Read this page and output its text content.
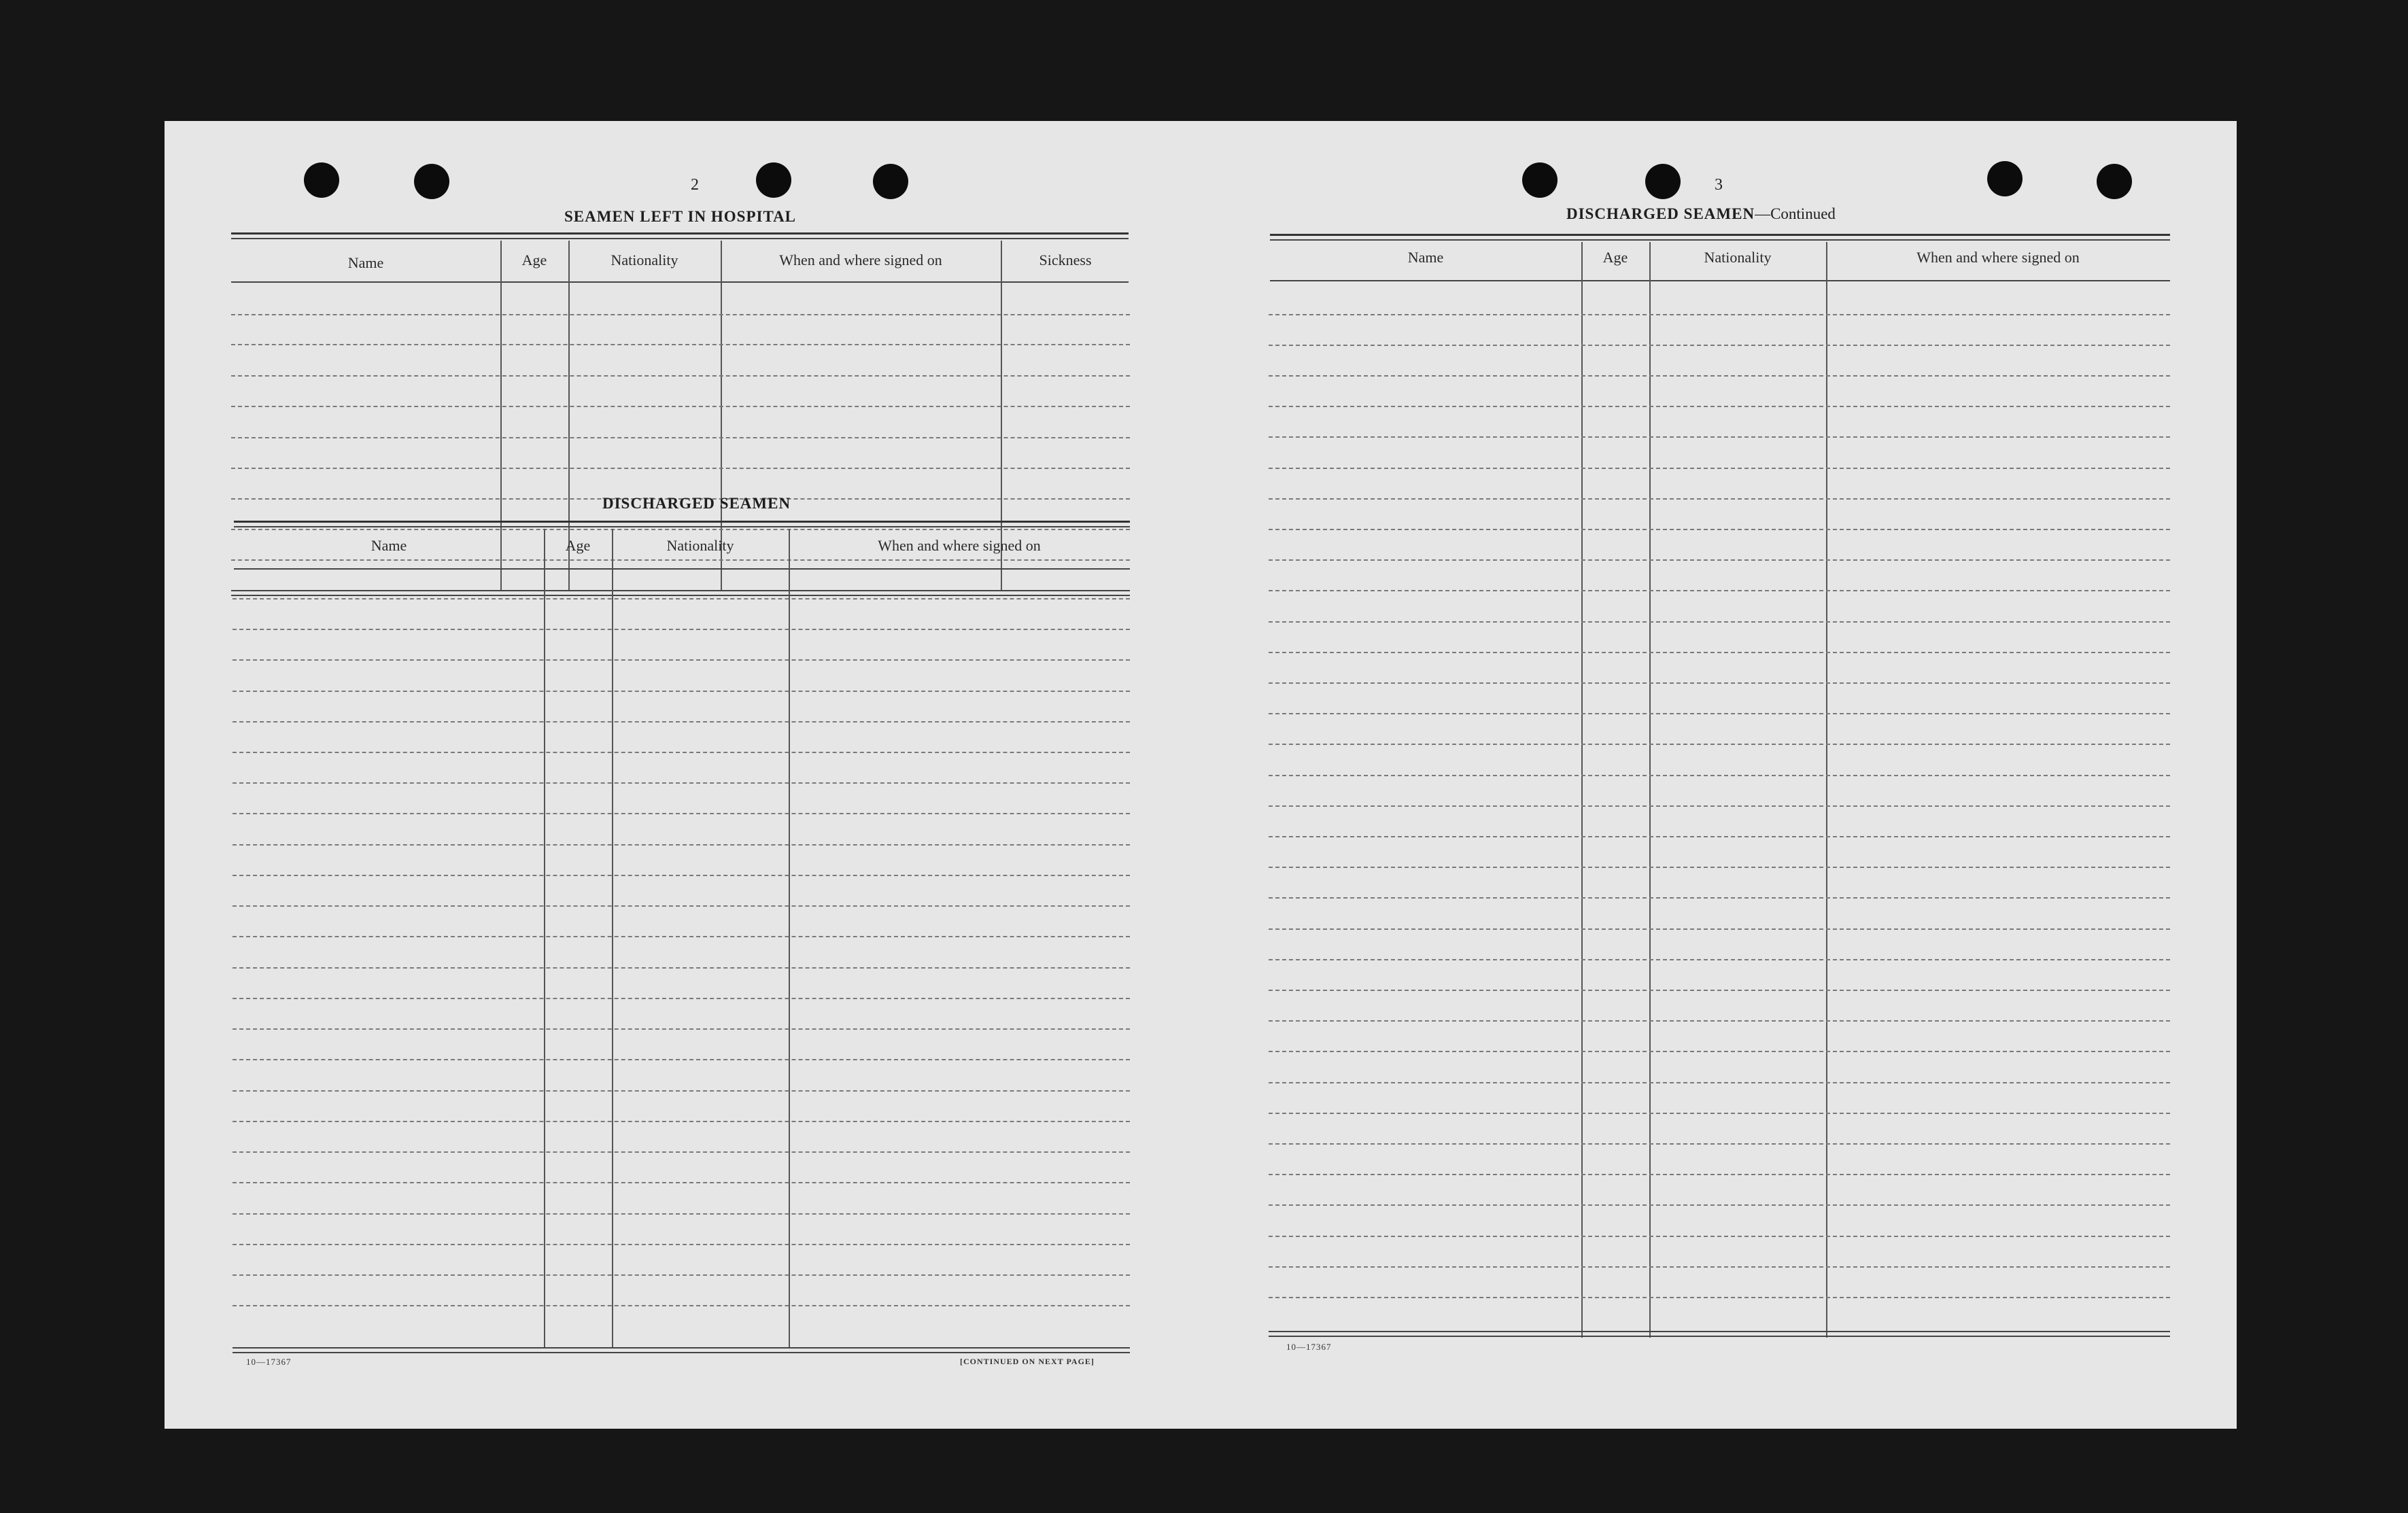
2
SEAMEN LEFT IN HOSPITAL
Name	Age	Nationality	When and where signed on	Sickness
DISCHARGED SEAMEN
Name	Age	Nationality	When and where signed on
10—17367	[CONTINUED ON NEXT PAGE]
3
DISCHARGED SEAMEN—Continued
Name	Age	Nationality	When and where signed on
10—17367
